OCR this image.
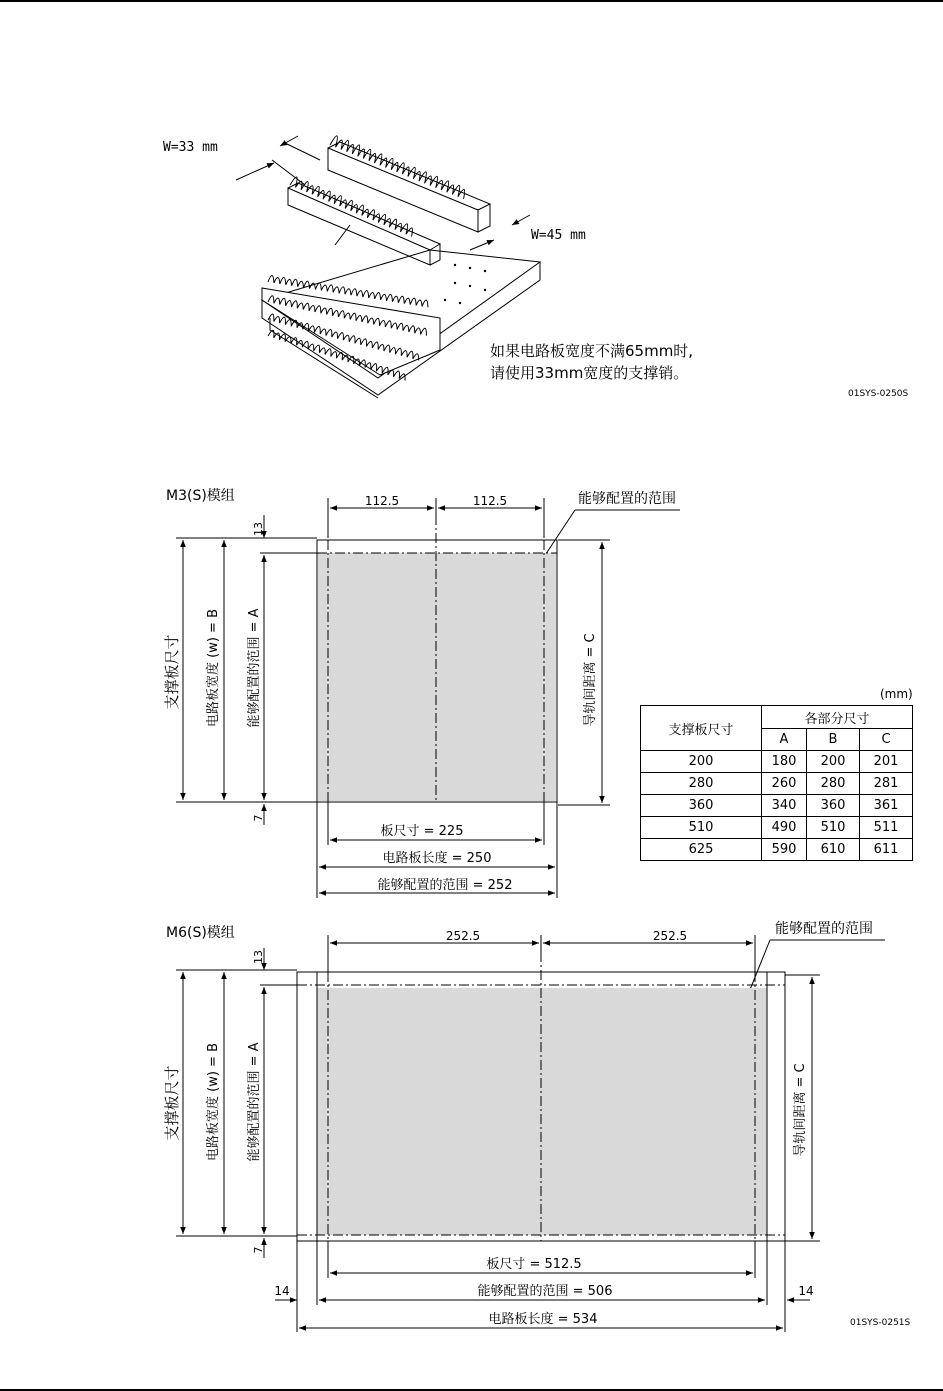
W=33 mm
W=45 mm
如果电路板宽度不满65mm时,
请使用33mm宽度的支撑销。
01SYS-0250S
M3(S)模组	112.5	112.5	能够配置的范围
13
7
支撑板尺寸 电路板宽度 (w) = B 能够配置的范围 = A	导轨间距离 = C
板尺寸 = 225
电路板长度 = 250
能够配置的范围 = 252
M6(S)模组	252.5	252.5	能够配置的范围
13
7
支撑板尺寸 电路板宽度 (w) = B 能够配置的范围 = A	导轨间距离 = C
板尺寸 = 512.5
能够配置的范围 = 506
电路板长度 = 534
14	14
01SYS-0251S
(mm)
支撑板尺寸	各部分尺寸		
	A	B	C
200	180	200	201
280	260	280	281
360	340	360	361
510	490	510	511
625	590	610	611
